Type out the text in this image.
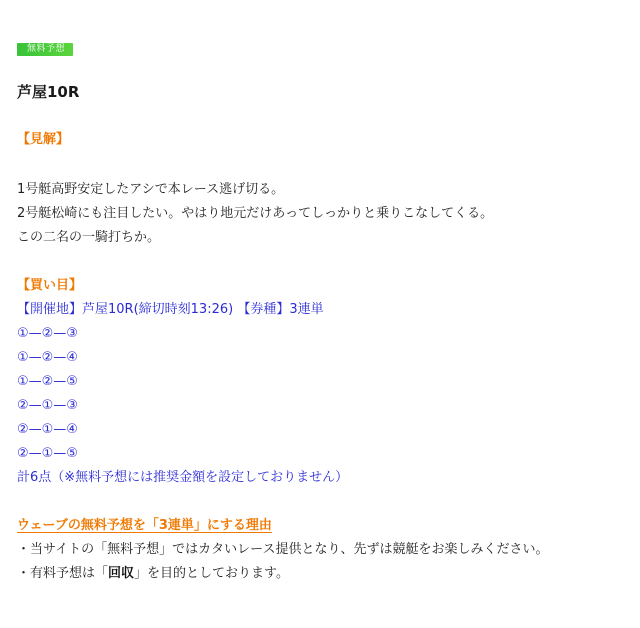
無料予想
芦屋10R
【見解】
1号艇高野安定したアシで本レース逃げ切る。
2号艇松崎にも注目したい。やはり地元だけあってしっかりと乗りこなしてくる。
この二名の一騎打ちか。
【買い目】
【開催地】芦屋10R(締切時刻13:26) 【券種】3連単
①—②—③
①—②—④
①—②—⑤
②—①—③
②—①—④
②—①—⑤
計6点（※無料予想には推奨金額を設定しておりません）
ウェーブの無料予想を「3連単」にする理由
・当サイトの「無料予想」ではカタいレース提供となり、先ずは競艇をお楽しみください。
・有料予想は「回収」を目的としております。
